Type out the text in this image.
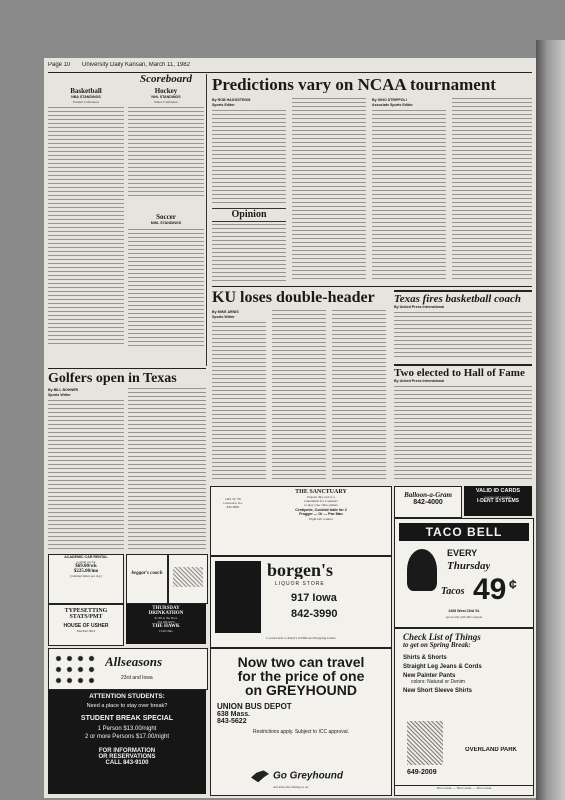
Page 10 University Daily Kansan, March 11, 1982
Scoreboard
Basketball
NBA STANDINGS
Eastern Conference
Hockey
NHL STANDINGS
Wales Conference
Soccer
MISL STANDINGS
Predictions vary on NCAA tournament
By ROB HAGGSTROM
Sports Editor
Opinion
By GINO STRIPPOLI
Associate Sports Editor
KU loses double-header
By MIKE ARNIS
Sports Writer
Texas fires basketball coach
By United Press International
Two elected to Hall of Fame
By United Press International
Golfers open in Texas
By BILL BOHNER
Sports Writer
ACADEMIC CAR RENTAL
a rental car for
$69.00/wk
$225.00/mo
(Limited miles per day)
TYPESETTING STATS/PMT
HOUSE OF USHER
MA 842-3610
beggar's coach
THURSDAY
DRINKATHON
$1.00 at the Door
25¢ DRAWS
THE HAWK
1340 Ohio
Allseasons
23rd and Iowa
ATTENTION STUDENTS:
Need a place to stay over break?
STUDENT BREAK SPECIAL
1 Person $13.00/night
2 or more Persons $17.00/night
FOR INFORMATION
OR RESERVATIONS
CALL 843-9100
1401 W. 7th
Lawrence, Ks.
842-9892
THE SANCTUARY
Prepare this card to a
tournament for 2 quarters
to play your video games
Centipede, Cocktail table for 2
Frogger — Or — Pac Man
Eight ball counter
borgen's
LIQUOR STORE
917 Iowa
842-3990
Located next to Rusty's in Hillcrest Shopping Center
Now two can travel
for the price of one
on GREYHOUND
UNION BUS DEPOT
638 Mass.
843-5622
Restrictions apply. Subject to ICC approval.
Go Greyhound
and leave the driving to us.
Balloon-a-Gram
842-4000
VALID ID CARDS
Copies and Licenses
I-DENT SYSTEMS
TACO BELL
EVERY
Thursday
Tacos 49 ¢
1408 West 23rd St.
good only with this coupon
Check List of Things
to get on Spring Break:
Shirts & Shorts
Straight Leg Jeans & Cords
New Painter Pants
colors: Natural or Denim
New Short Sleeve Shirts
OVERLAND PARK
649-2009
The Corner — The Corner — The Corner
